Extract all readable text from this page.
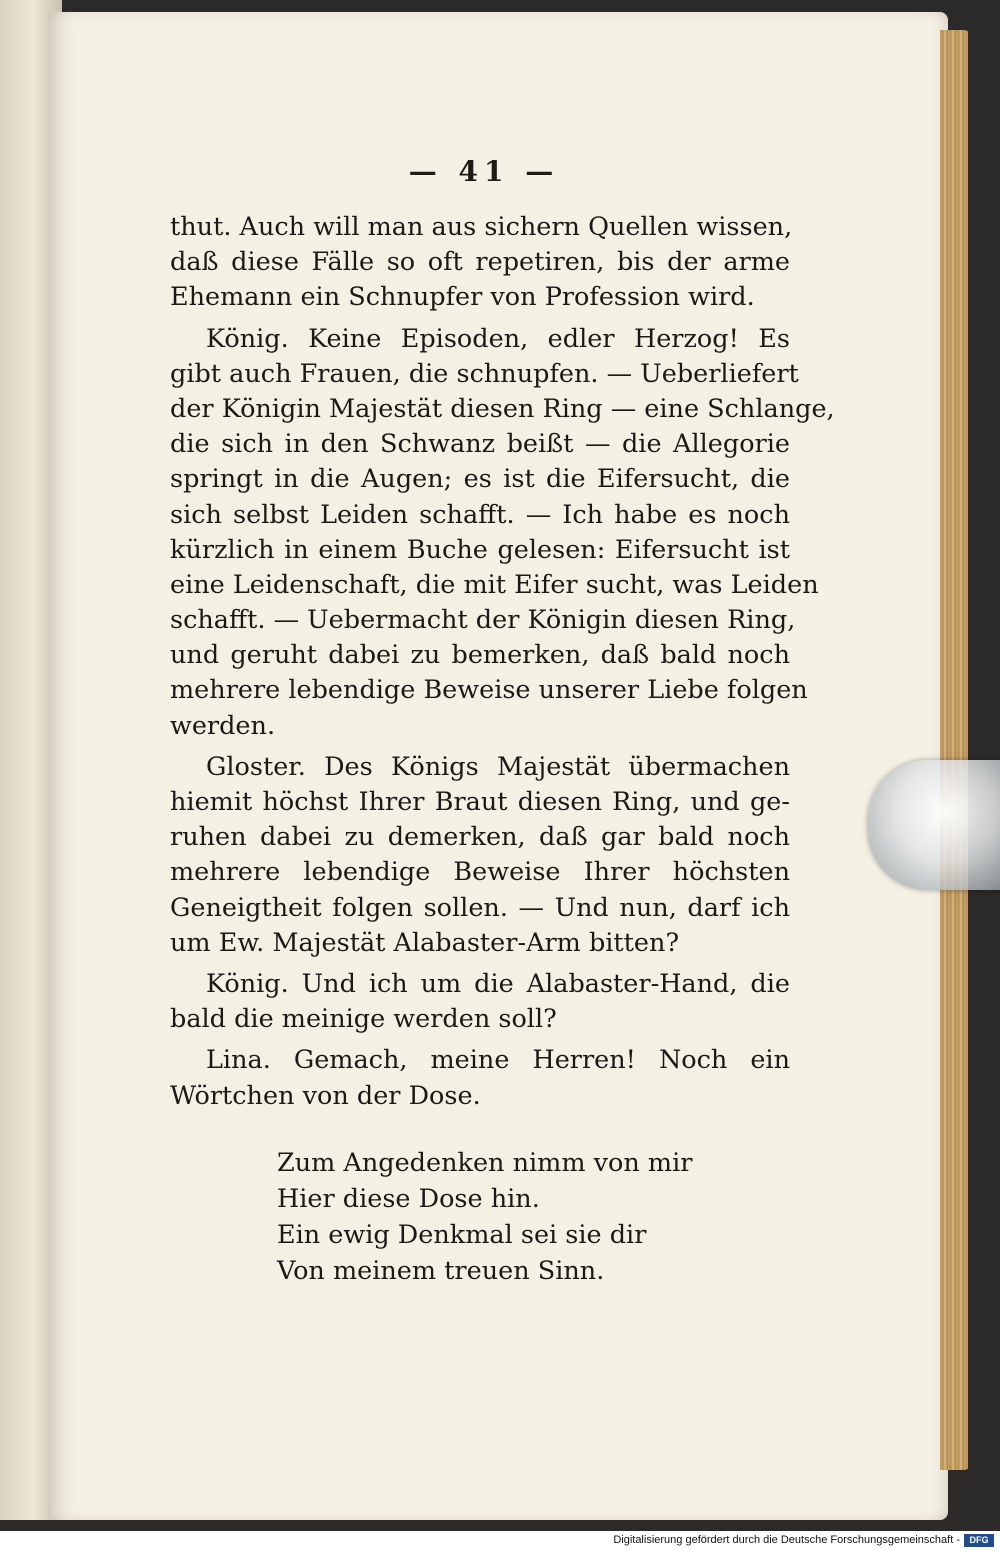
— 41 —
thut. Auch will man aus sichern Quellen wissen,
daß diese Fälle so oft repetiren, bis der arme
Ehemann ein Schnupfer von Profession wird.
König. Keine Episoden, edler Herzog! Es
gibt auch Frauen, die schnupfen. — Ueberliefert
der Königin Majestät diesen Ring — eine Schlange,
die sich in den Schwanz beißt — die Allegorie
springt in die Augen; es ist die Eifersucht, die
sich selbst Leiden schafft. — Ich habe es noch
kürzlich in einem Buche gelesen: Eifersucht ist
eine Leidenschaft, die mit Eifer sucht, was Leiden
schafft. — Uebermacht der Königin diesen Ring,
und geruht dabei zu bemerken, daß bald noch
mehrere lebendige Beweise unserer Liebe folgen
werden.
Gloster. Des Königs Majestät übermachen
hiemit höchst Ihrer Braut diesen Ring, und ge-
ruhen dabei zu demerken, daß gar bald noch
mehrere lebendige Beweise Ihrer höchsten
Geneigtheit folgen sollen. — Und nun, darf ich
um Ew. Majestät Alabaster-Arm bitten?
König. Und ich um die Alabaster-Hand, die
bald die meinige werden soll?
Lina. Gemach, meine Herren! Noch ein
Wörtchen von der Dose.
Zum Angedenken nimm von mir
Hier diese Dose hin.
Ein ewig Denkmal sei sie dir
Von meinem treuen Sinn.
Digitalisierung gefördert durch die Deutsche Forschungsgemeinschaft -	DFG
